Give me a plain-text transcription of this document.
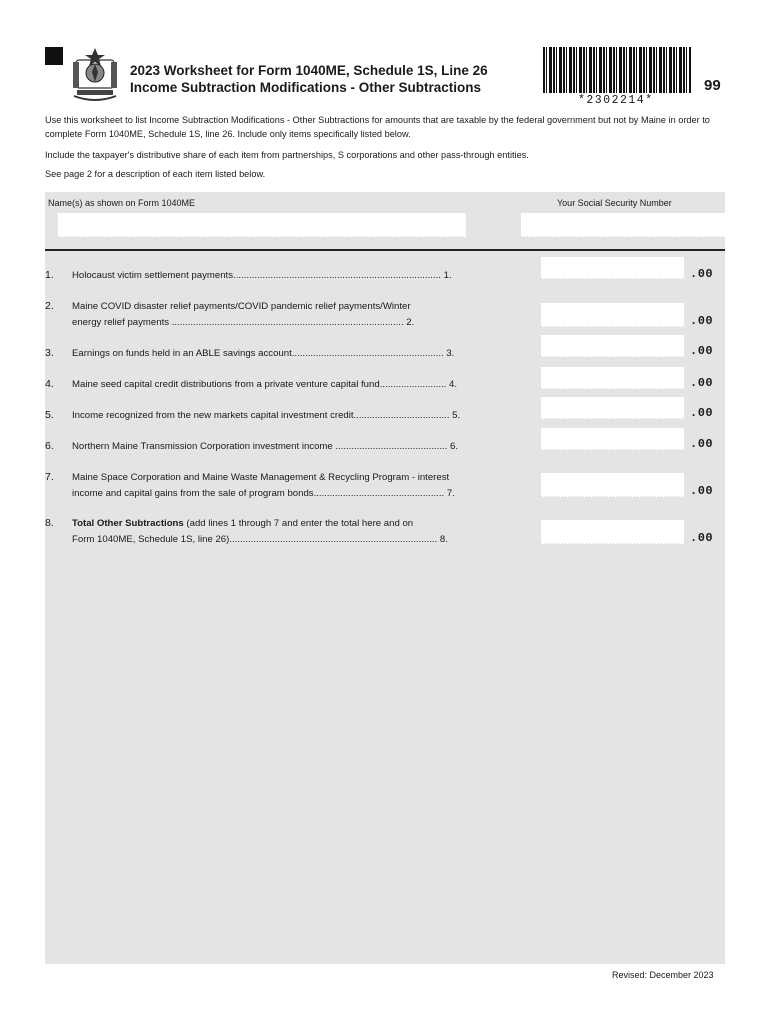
2023 Worksheet for Form 1040ME, Schedule 1S, Line 26
Income Subtraction Modifications - Other Subtractions
*2302214*
99
Use this worksheet to list Income Subtraction Modifications - Other Subtractions for amounts that are taxable by the federal government but not by Maine in order to complete Form 1040ME, Schedule 1S, line 26. Include only items specifically listed below.
Include the taxpayer's distributive share of each item from partnerships, S corporations and other pass-through entities.
See page 2 for a description of each item listed below.
Name(s) as shown on Form 1040ME	Your Social Security Number
1. Holocaust victim settlement payments.............................................................................. 1.	.00
2. Maine COVID disaster relief payments/COVID pandemic relief payments/Winter
energy relief payments ....................................................................................... 2.	.00
3. Earnings on funds held in an ABLE savings account......................................................... 3.	.00
4. Maine seed capital credit distributions from a private venture capital fund......................... 4.	.00
5. Income recognized from the new markets capital investment credit.................................... 5.	.00
6. Northern Maine Transmission Corporation investment income .......................................... 6.	.00
7. Maine Space Corporation and Maine Waste Management & Recycling Program - interest
income and capital gains from the sale of program bonds................................................. 7.	.00
8. Total Other Subtractions (add lines 1 through 7 and enter the total here and on
Form 1040ME, Schedule 1S, line 26).............................................................................. 8.	.00
Revised: December 2023
